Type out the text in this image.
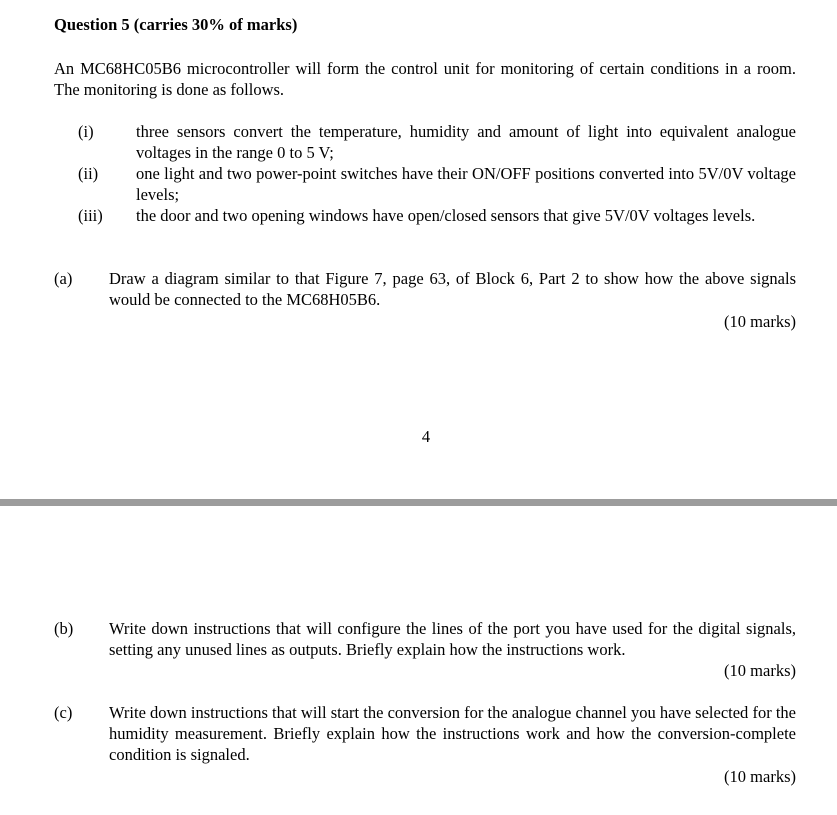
Question 5 (carries 30% of marks)
An MC68HC05B6 microcontroller will form the control unit for monitoring of certain conditions in a room. The monitoring is done as follows.
(i)	three sensors convert the temperature, humidity and amount of light into equivalent analogue voltages in the range 0 to 5 V;
(ii)	one light and two power-point switches have their ON/OFF positions converted into 5V/0V voltage levels;
(iii)	the door and two opening windows have open/closed sensors that give 5V/0V voltages levels.
(a) Draw a diagram similar to that Figure 7, page 63, of Block 6, Part 2 to show how the above signals would be connected to the MC68H05B6.
(10 marks)
4
(b) Write down instructions that will configure the lines of the port you have used for the digital signals, setting any unused lines as outputs. Briefly explain how the instructions work.
(10 marks)
(c) Write down instructions that will start the conversion for the analogue channel you have selected for the humidity measurement. Briefly explain how the instructions work and how the conversion-complete condition is signaled.
(10 marks)
